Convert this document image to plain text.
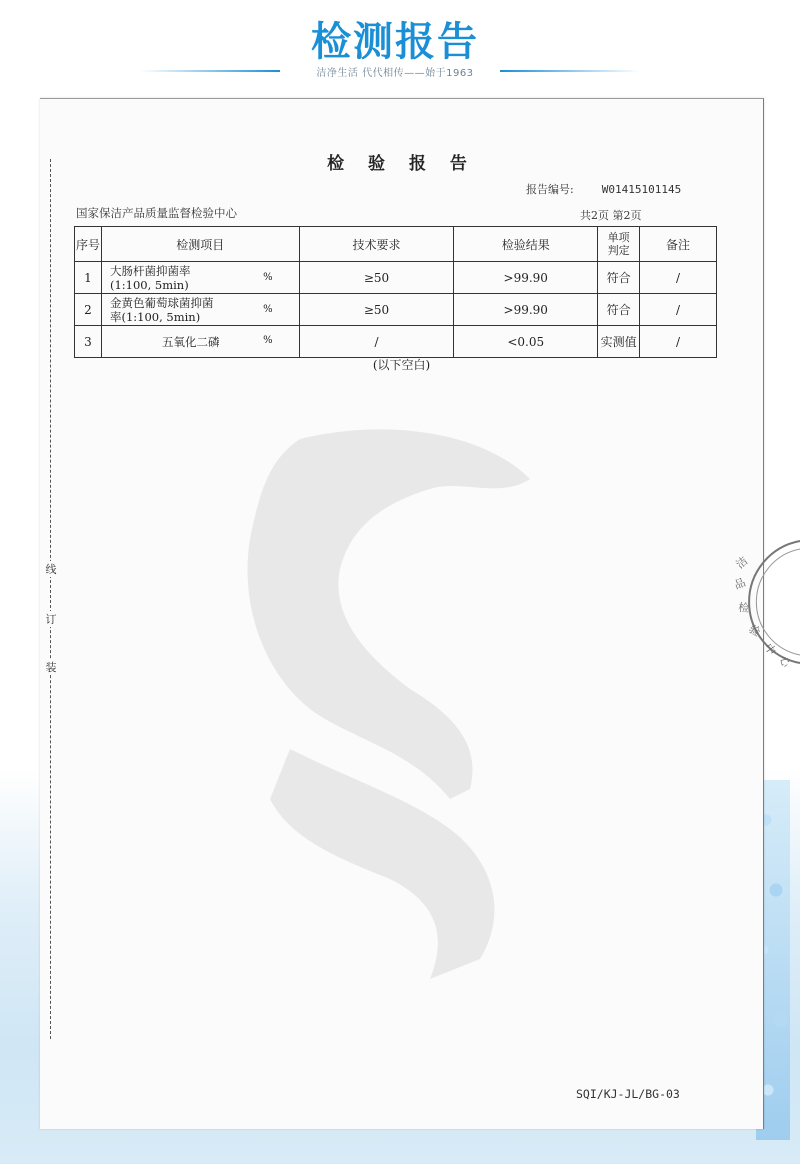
检测报告
洁净生活 代代相传——始于1963
线
订
装
检 验 报 告
报告编号:	W01415101145
国家保洁产品质量监督检验中心	共2页 第2页
序号	检测项目	技术要求	检验结果	单项判定	备注
1	大肠杆菌抑菌率
(1:100, 5min) %	≥50	>99.90	符合	/
2	金黄色葡萄球菌抑菌
率(1:100, 5min) %	≥50	>99.90	符合	/
3	五氧化二磷 %	/	<0.05	实测值	/
(以下空白)
洁
品
检
验
中
心
SQI/KJ-JL/BG-03
